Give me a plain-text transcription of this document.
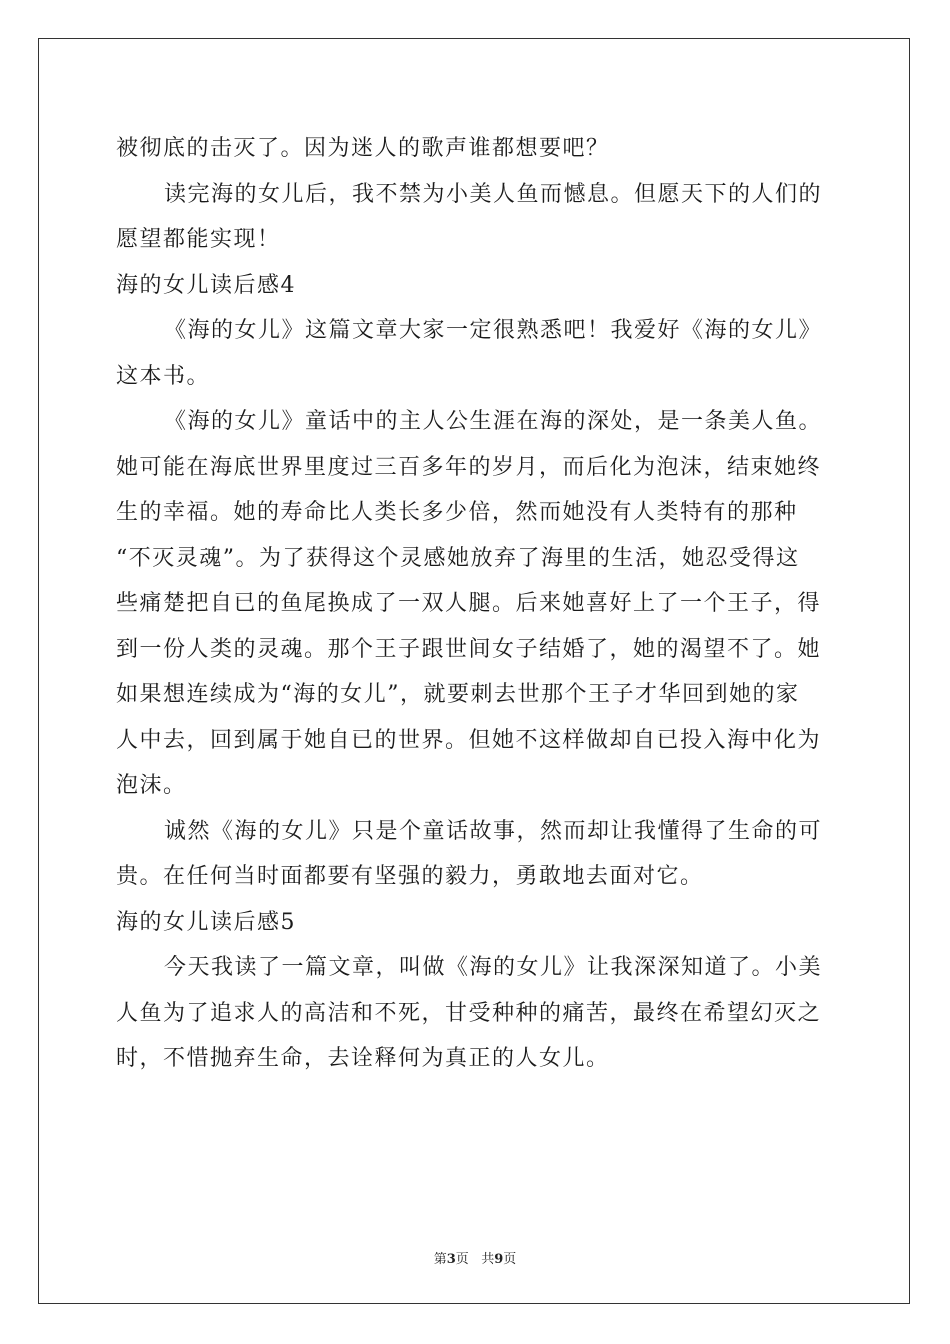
被彻底的击灭了。因为迷人的歌声谁都想要吧？
读完海的女儿后，我不禁为小美人鱼而憾息。但愿天下的人们的
愿望都能实现！
海的女儿读后感4
《海的女儿》这篇文章大家一定很熟悉吧！我爱好《海的女儿》
这本书。
《海的女儿》童话中的主人公生涯在海的深处，是一条美人鱼。
她可能在海底世界里度过三百多年的岁月，而后化为泡沫，结束她终
生的幸福。她的寿命比人类长多少倍，然而她没有人类特有的那种
“不灭灵魂”。为了获得这个灵感她放弃了海里的生活，她忍受得这
些痛楚把自已的鱼尾换成了一双人腿。后来她喜好上了一个王子，得
到一份人类的灵魂。那个王子跟世间女子结婚了，她的渴望不了。她
如果想连续成为“海的女儿”，就要刺去世那个王子才华回到她的家
人中去，回到属于她自已的世界。但她不这样做却自已投入海中化为
泡沫。
诚然《海的女儿》只是个童话故事，然而却让我懂得了生命的可
贵。在任何当时面都要有坚强的毅力，勇敢地去面对它。
海的女儿读后感5
今天我读了一篇文章，叫做《海的女儿》让我深深知道了。小美
人鱼为了追求人的高洁和不死，甘受种种的痛苦，最终在希望幻灭之
时，不惜抛弃生命，去诠释何为真正的人女儿。
第3页 共9页
